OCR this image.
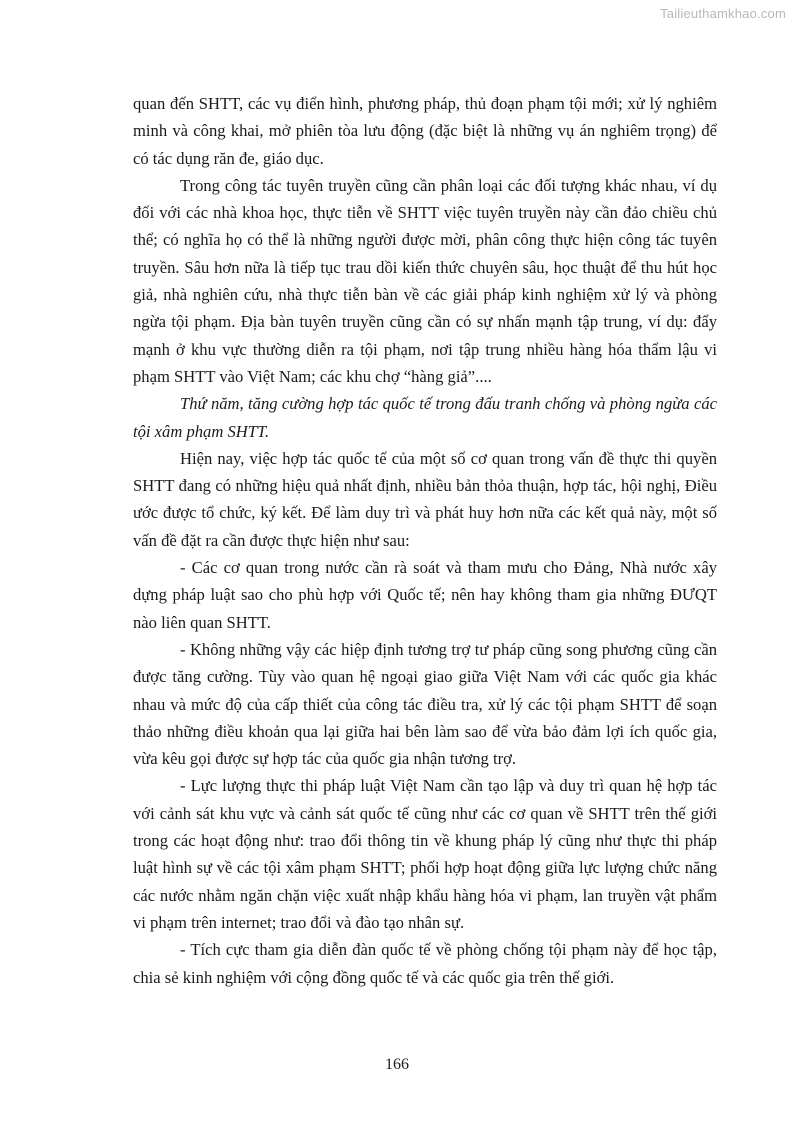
Tailieuthamkhao.com

quan đến SHTT, các vụ điển hình, phương pháp, thủ đoạn phạm tội mới; xử lý nghiêm minh và công khai, mở phiên tòa lưu động (đặc biệt là những vụ án nghiêm trọng) để có tác dụng răn đe, giáo dục.

Trong công tác tuyên truyền cũng cần phân loại các đối tượng khác nhau, ví dụ đối với các nhà khoa học, thực tiễn về SHTT việc tuyên truyền này cần đảo chiều chủ thể; có nghĩa họ có thể là những người được mời, phân công thực hiện công tác tuyên truyền. Sâu hơn nữa là tiếp tục trau dồi kiến thức chuyên sâu, học thuật để thu hút học giả, nhà nghiên cứu, nhà thực tiễn bàn về các giải pháp kinh nghiệm xử lý và phòng ngừa tội phạm. Địa bàn tuyên truyền cũng cần có sự nhấn mạnh tập trung, ví dụ: đẩy mạnh ở khu vực thường diễn ra tội phạm, nơi tập trung nhiều hàng hóa thẩm lậu vi phạm SHTT vào Việt Nam; các khu chợ “hàng giả”....

Thứ năm, tăng cường hợp tác quốc tế trong đấu tranh chống và phòng ngừa các tội xâm phạm SHTT.

Hiện nay, việc hợp tác quốc tế của một số cơ quan trong vấn đề thực thi quyền SHTT đang có những hiệu quả nhất định, nhiều bản thỏa thuận, hợp tác, hội nghị, Điều ước được tổ chức, ký kết. Để làm duy trì và phát huy hơn nữa các kết quả này, một số vấn đề đặt ra cần được thực hiện như sau:

- Các cơ quan trong nước cần rà soát và tham mưu cho Đảng, Nhà nước xây dựng pháp luật sao cho phù hợp với Quốc tế; nên hay không tham gia những ĐƯQT nào liên quan SHTT.

- Không những vậy các hiệp định tương trợ tư pháp cũng song phương cũng cần được tăng cường. Tùy vào quan hệ ngoại giao giữa Việt Nam với các quốc gia khác nhau và mức độ của cấp thiết của công tác điều tra, xử lý các tội phạm SHTT để soạn thảo những điều khoản qua lại giữa hai bên làm sao để vừa bảo đảm lợi ích quốc gia, vừa kêu gọi được sự hợp tác của quốc gia nhận tương trợ.

- Lực lượng thực thi pháp luật Việt Nam cần tạo lập và duy trì quan hệ hợp tác với cảnh sát khu vực và cảnh sát quốc tế cũng như các cơ quan về SHTT trên thế giới trong các hoạt động như: trao đổi thông tin về khung pháp lý cũng như thực thi pháp luật hình sự về các tội xâm phạm SHTT; phối hợp hoạt động giữa lực lượng chức năng các nước nhằm ngăn chặn việc xuất nhập khẩu hàng hóa vi phạm, lan truyền vật phẩm vi phạm trên internet; trao đổi và đào tạo nhân sự.

- Tích cực tham gia diễn đàn quốc tế về phòng chống tội phạm này để học tập, chia sẻ kinh nghiệm với cộng đồng quốc tế và các quốc gia trên thế giới.

166
